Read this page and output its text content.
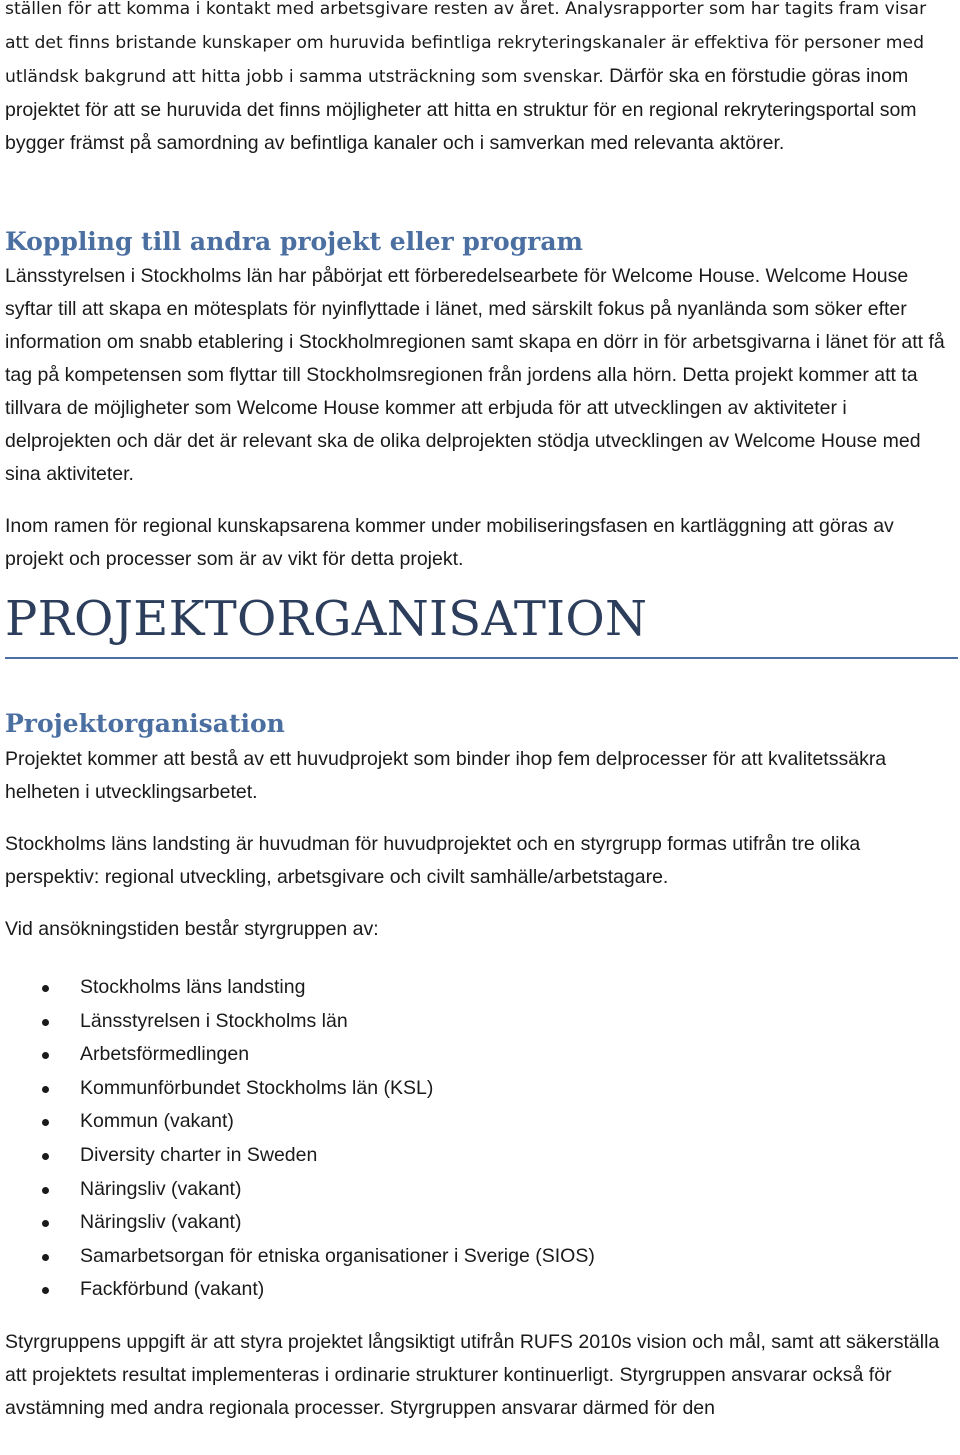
ställen för att komma i kontakt med arbetsgivare resten av året. Analysrapporter som har tagits fram visar att det finns bristande kunskaper om huruvida befintliga rekryteringskanaler är effektiva för personer med utländsk bakgrund att hitta jobb i samma utsträckning som svenskar. Därför ska en förstudie göras inom projektet för att se huruvida det finns möjligheter att hitta en struktur för en regional rekryteringsportal som bygger främst på samordning av befintliga kanaler och i samverkan med relevanta aktörer.

Koppling till andra projekt eller program

Länsstyrelsen i Stockholms län har påbörjat ett förberedelsearbete för Welcome House. Welcome House syftar till att skapa en mötesplats för nyinflyttade i länet, med särskilt fokus på nyanlända som söker efter information om snabb etablering i Stockholmregionen samt skapa en dörr in för arbetsgivarna i länet för att få tag på kompetensen som flyttar till Stockholmsregionen från jordens alla hörn. Detta projekt kommer att ta tillvara de möjligheter som Welcome House kommer att erbjuda för att utvecklingen av aktiviteter i delprojekten och där det är relevant ska de olika delprojekten stödja utvecklingen av Welcome House med sina aktiviteter.

Inom ramen för regional kunskapsarena kommer under mobiliseringsfasen en kartläggning att göras av projekt och processer som är av vikt för detta projekt.

PROJEKTORGANISATION
Projektorganisation

Projektet kommer att bestå av ett huvudprojekt som binder ihop fem delprocesser för att kvalitetssäkra helheten i utvecklingsarbetet.

Stockholms läns landsting är huvudman för huvudprojektet och en styrgrupp formas utifrån tre olika perspektiv: regional utveckling, arbetsgivare och civilt samhälle/arbetstagare.

Vid ansökningstiden består styrgruppen av:

Stockholms läns landsting
Länsstyrelsen i Stockholms län
Arbetsförmedlingen
Kommunförbundet Stockholms län (KSL)
Kommun (vakant)
Diversity charter in Sweden
Näringsliv (vakant)
Näringsliv (vakant)
Samarbetsorgan för etniska organisationer i Sverige (SIOS)
Fackförbund (vakant)

Styrgruppens uppgift är att styra projektet långsiktigt utifrån RUFS 2010s vision och mål, samt att säkerställa att projektets resultat implementeras i ordinarie strukturer kontinuerligt. Styrgruppen ansvarar också för avstämning med andra regionala processer. Styrgruppen ansvarar därmed för den
